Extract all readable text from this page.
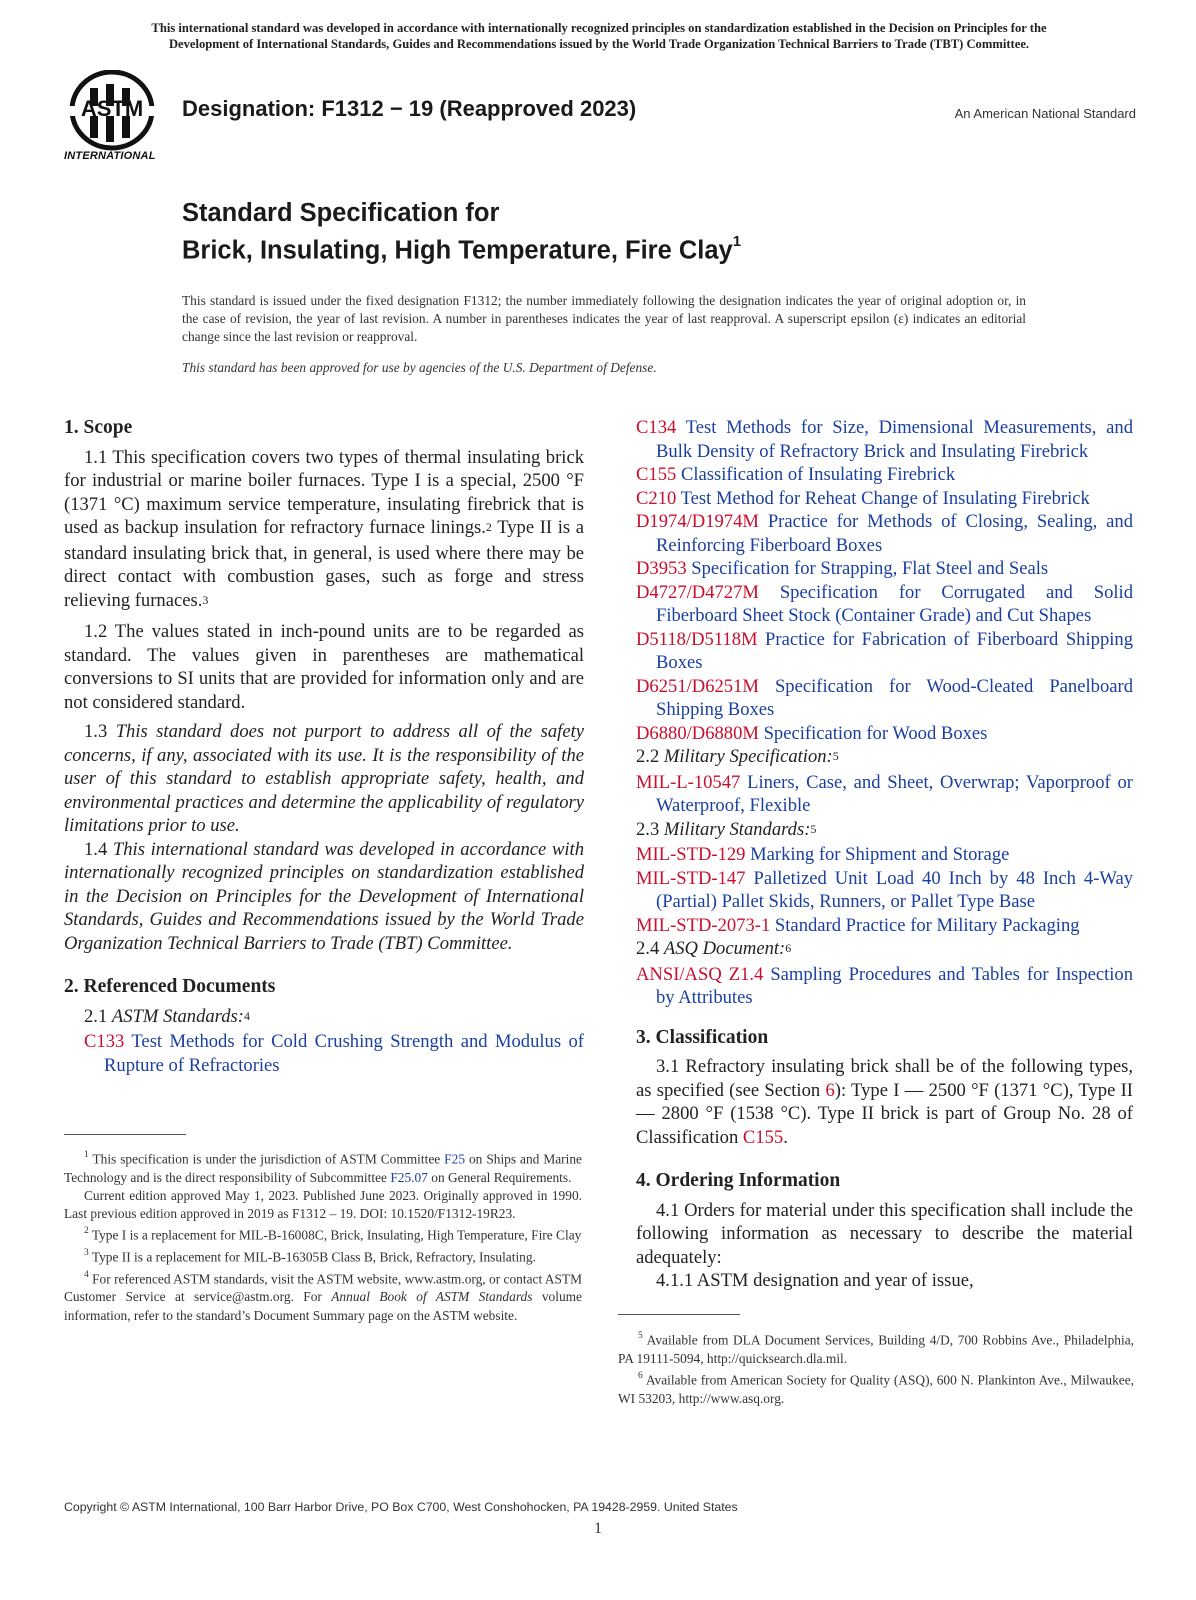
This international standard was developed in accordance with internationally recognized principles on standardization established in the Decision on Principles for the
Development of International Standards, Guides and Recommendations issued by the World Trade Organization Technical Barriers to Trade (TBT) Committee.
ASTM
INTERNATIONAL
Designation: F1312 − 19 (Reapproved 2023)	An American National Standard
Standard Specification for
Brick, Insulating, High Temperature, Fire Clay$^1$
This standard is issued under the fixed designation F1312; the number immediately following the designation indicates the year of original adoption or, in the case of revision, the year of last revision. A number in parentheses indicates the year of last reapproval. A superscript epsilon (ε) indicates an editorial change since the last revision or reapproval.
This standard has been approved for use by agencies of the U.S. Department of Defense.
1. Scope

1.1 This specification covers two types of thermal insulating brick for industrial or marine boiler furnaces. Type I is a special, 2500 °F (1371 °C) maximum service temperature, insulating firebrick that is used as backup insulation for refractory furnace linings.$^2$ Type II is a standard insulating brick that, in general, is used where there may be direct contact with combustion gases, such as forge and stress relieving furnaces.$^3$

1.2 The values stated in inch-pound units are to be regarded as standard. The values given in parentheses are mathematical conversions to SI units that are provided for information only and are not considered standard.

1.3 This standard does not purport to address all of the safety concerns, if any, associated with its use. It is the responsibility of the user of this standard to establish appropriate safety, health, and environmental practices and determine the applicability of regulatory limitations prior to use.

1.4 This international standard was developed in accordance with internationally recognized principles on standardization established in the Decision on Principles for the Development of International Standards, Guides and Recommendations issued by the World Trade Organization Technical Barriers to Trade (TBT) Committee.

2. Referenced Documents

2.1 ASTM Standards:$^4$

C133 Test Methods for Cold Crushing Strength and Modulus of Rupture of Refractories

C134 Test Methods for Size, Dimensional Measurements, and Bulk Density of Refractory Brick and Insulating Firebrick

C155 Classification of Insulating Firebrick

C210 Test Method for Reheat Change of Insulating Firebrick

D1974/D1974M Practice for Methods of Closing, Sealing, and Reinforcing Fiberboard Boxes

D3953 Specification for Strapping, Flat Steel and Seals

D4727/D4727M Specification for Corrugated and Solid Fiberboard Sheet Stock (Container Grade) and Cut Shapes

D5118/D5118M Practice for Fabrication of Fiberboard Shipping Boxes

D6251/D6251M Specification for Wood-Cleated Panelboard Shipping Boxes

D6880/D6880M Specification for Wood Boxes

2.2 Military Specification:$^5$

MIL-L-10547 Liners, Case, and Sheet, Overwrap; Vaporproof or Waterproof, Flexible

2.3 Military Standards:$^5$

MIL-STD-129 Marking for Shipment and Storage

MIL-STD-147 Palletized Unit Load 40 Inch by 48 Inch 4-Way (Partial) Pallet Skids, Runners, or Pallet Type Base

MIL-STD-2073-1 Standard Practice for Military Packaging

2.4 ASQ Document:$^6$

ANSI/ASQ Z1.4 Sampling Procedures and Tables for Inspection by Attributes

3. Classification

3.1 Refractory insulating brick shall be of the following types, as specified (see Section 6): Type I — 2500 °F (1371 °C), Type II — 2800 °F (1538 °C). Type II brick is part of Group No. 28 of Classification C155.

4. Ordering Information

4.1 Orders for material under this specification shall include the following information as necessary to describe the material adequately:

4.1.1 ASTM designation and year of issue,

$^1$ This specification is under the jurisdiction of ASTM Committee F25 on Ships and Marine Technology and is the direct responsibility of Subcommittee F25.07 on General Requirements.

Current edition approved May 1, 2023. Published June 2023. Originally approved in 1990. Last previous edition approved in 2019 as F1312 – 19. DOI: 10.1520/F1312-19R23.

$^2$ Type I is a replacement for MIL-B-16008C, Brick, Insulating, High Temperature, Fire Clay

$^3$ Type II is a replacement for MIL-B-16305B Class B, Brick, Refractory, Insulating.

$^4$ For referenced ASTM standards, visit the ASTM website, www.astm.org, or contact ASTM Customer Service at service@astm.org. For Annual Book of ASTM Standards volume information, refer to the standard’s Document Summary page on the ASTM website.

$^5$ Available from DLA Document Services, Building 4/D, 700 Robbins Ave., Philadelphia, PA 19111-5094, http://quicksearch.dla.mil.

$^6$ Available from American Society for Quality (ASQ), 600 N. Plankinton Ave., Milwaukee, WI 53203, http://www.asq.org.

Copyright © ASTM International, 100 Barr Harbor Drive, PO Box C700, West Conshohocken, PA 19428-2959. United States
1
